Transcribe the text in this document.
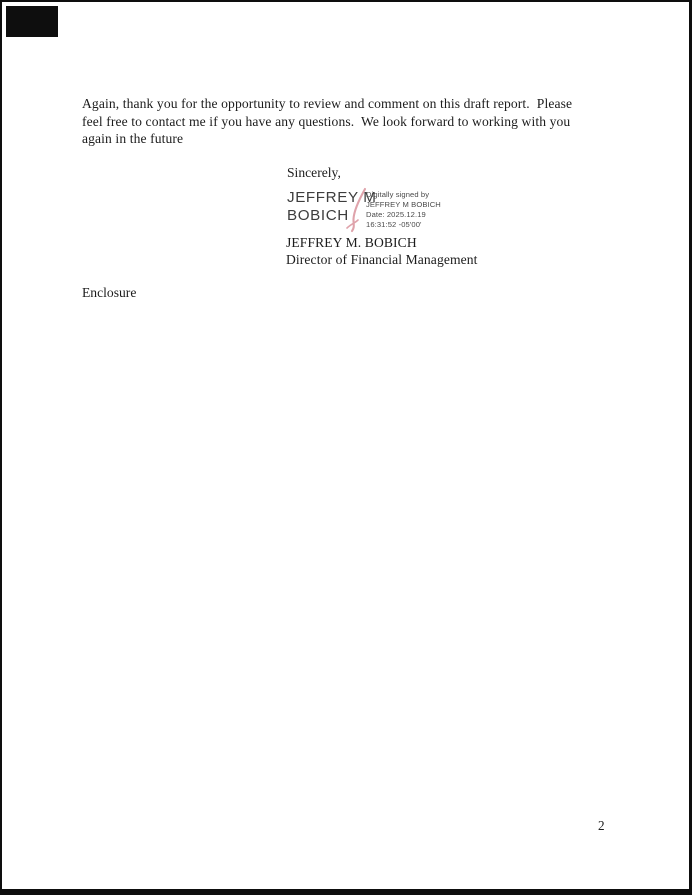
Again, thank you for the opportunity to review and comment on this draft report.  Please
feel free to contact me if you have any questions.  We look forward to working with you
again in the future
Sincerely,
JEFFREY M
BOBICH
Digitally signed by
JEFFREY M BOBICH
Date: 2025.12.19
16:31:52 -05'00'
JEFFREY M. BOBICH
Director of Financial Management
Enclosure
2
